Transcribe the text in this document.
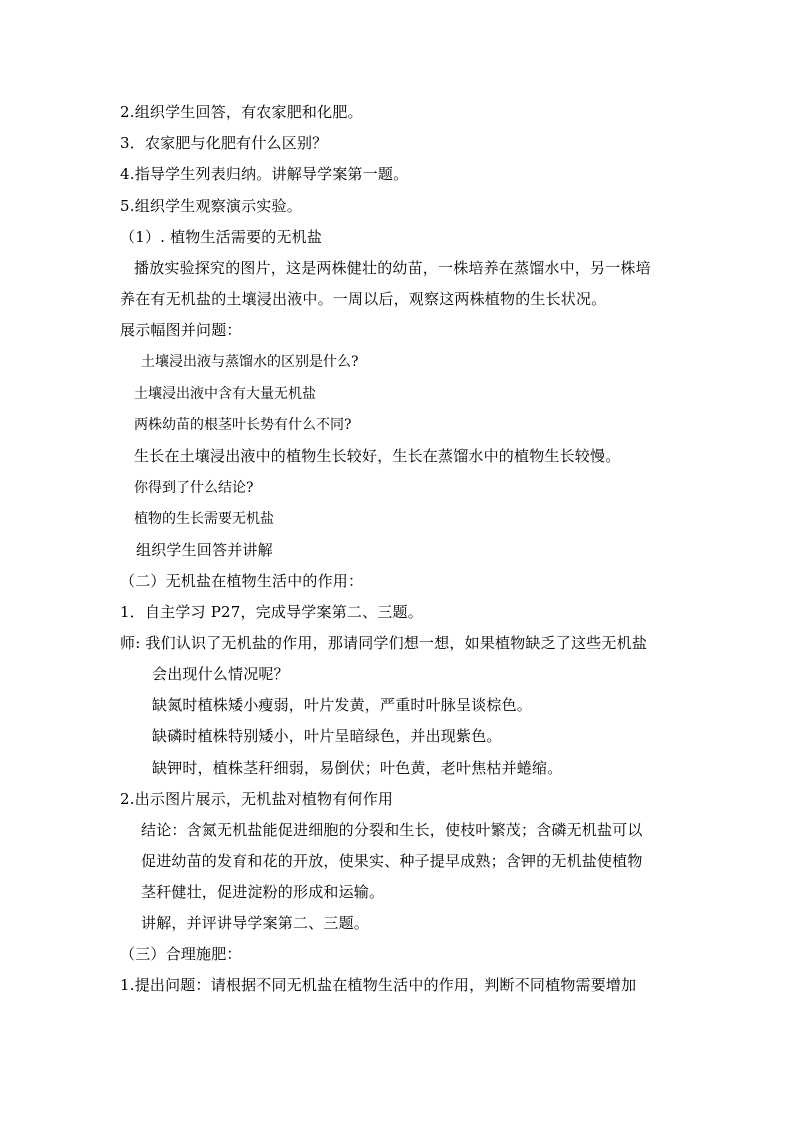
2.组织学生回答，有农家肥和化肥。
3．农家肥与化肥有什么区别？
4.指导学生列表归纳。讲解导学案第一题。
5.组织学生观察演示实验。
（1）. 植物生活需要的无机盐
播放实验探究的图片，这是两株健壮的幼苗，一株培养在蒸馏水中，另一株培
养在有无机盐的土壤浸出液中。一周以后，观察这两株植物的生长状况。
展示幅图并问题：
土壤浸出液与蒸馏水的区别是什么?
土壤浸出液中含有大量无机盐
两株幼苗的根茎叶长势有什么不同?
生长在土壤浸出液中的植物生长较好，生长在蒸馏水中的植物生长较慢。
你得到了什么结论?
植物的生长需要无机盐
组织学生回答并讲解
（二）无机盐在植物生活中的作用：
1．自主学习 P27，完成导学案第二、三题。
师: 我们认识了无机盐的作用，那请同学们想一想，如果植物缺乏了这些无机盐
会出现什么情况呢？
缺氮时植株矮小瘦弱，叶片发黄，严重时叶脉呈谈棕色。
缺磷时植株特别矮小，叶片呈暗绿色，并出现紫色。
缺钾时，植株茎秆细弱，易倒伏；叶色黄，老叶焦枯并蜷缩。
2.出示图片展示，无机盐对植物有何作用
结论：含氮无机盐能促进细胞的分裂和生长，使枝叶繁茂；含磷无机盐可以
促进幼苗的发育和花的开放，使果实、种子提早成熟；含钾的无机盐使植物
茎秆健壮，促进淀粉的形成和运输。
讲解，并评讲导学案第二、三题。
（三）合理施肥：
1.提出问题：请根据不同无机盐在植物生活中的作用，判断不同植物需要增加
